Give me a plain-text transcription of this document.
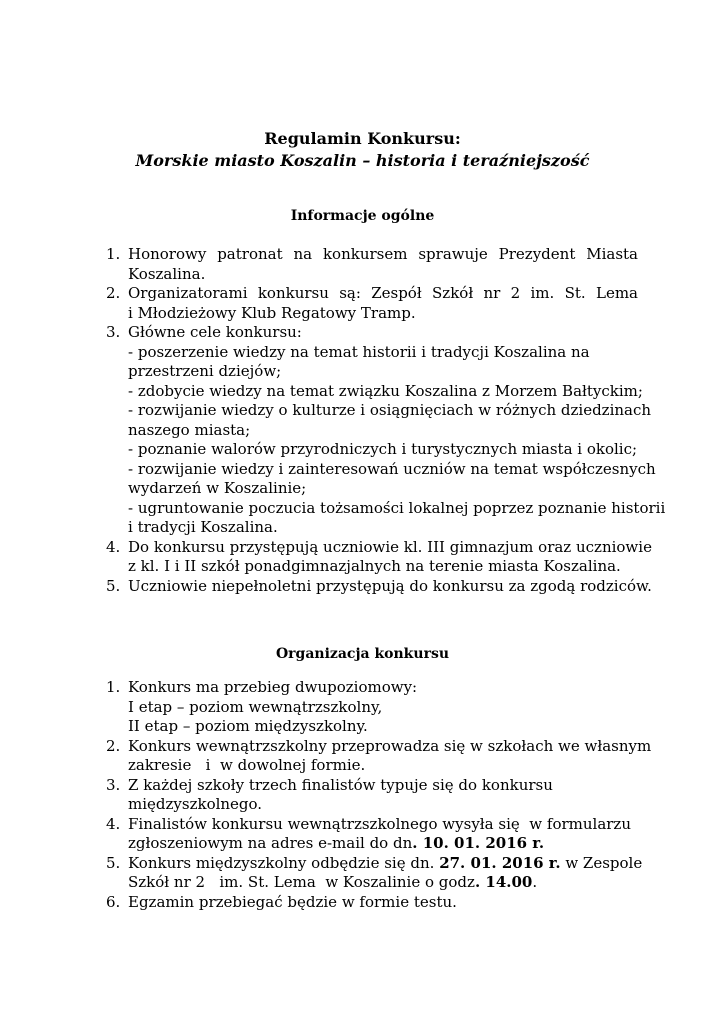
Regulamin Konkursu:

Morskie miasto Koszalin – historia i teraźniejszość

Informacje ogólne

1. Honorowy patronat na konkursem sprawuje Prezydent Miasta
Koszalina.
2. Organizatorami konkursu są: Zespół Szkół nr 2 im. St. Lema
i Młodzieżowy Klub Regatowy Tramp.
3. Główne cele konkursu:
- poszerzenie wiedzy na temat historii i tradycji Koszalina na
przestrzeni dziejów;
- zdobycie wiedzy na temat związku Koszalina z Morzem Bałtyckim;
- rozwijanie wiedzy o kulturze i osiągnięciach w różnych dziedzinach
naszego miasta;
- poznanie walorów przyrodniczych i turystycznych miasta i okolic;
- rozwijanie wiedzy i zainteresowań uczniów na temat współczesnych
wydarzeń w Koszalinie;
- ugruntowanie poczucia tożsamości lokalnej poprzez poznanie historii
i tradycji Koszalina.
4. Do konkursu przystępują uczniowie kl. III gimnazjum oraz uczniowie
z kl. I i II szkół ponadgimnazjalnych na terenie miasta Koszalina.
5. Uczniowie niepełnoletni przystępują do konkursu za zgodą rodziców.

Organizacja konkursu

1. Konkurs ma przebieg dwupoziomowy:
I etap – poziom wewnątrzszkolny,
II etap – poziom międzyszkolny.
2. Konkurs wewnątrzszkolny przeprowadza się w szkołach we własnym
zakresie   i  w dowolnej formie.
3. Z każdej szkoły trzech finalistów typuje się do konkursu
międzyszkolnego.
4. Finalistów konkursu wewnątrzszkolnego wysyła się  w formularzu
zgłoszeniowym na adres e-mail do dn. 10. 01. 2016 r.
5. Konkurs międzyszkolny odbędzie się dn. 27. 01. 2016 r. w Zespole
Szkół nr 2   im. St. Lema  w Koszalinie o godz. 14.00.
6. Egzamin przebiegać będzie w formie testu.
